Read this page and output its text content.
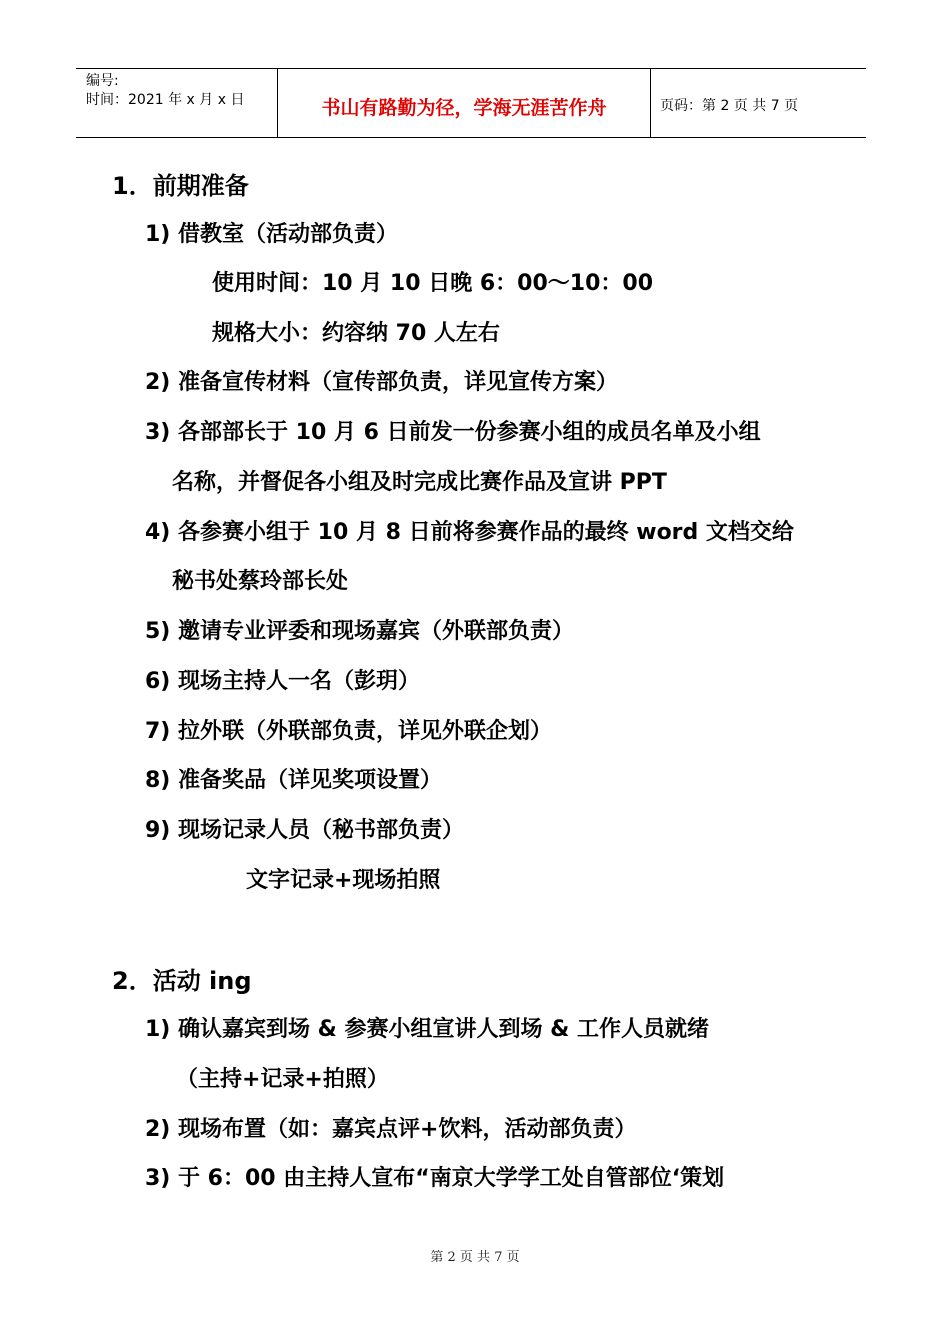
编号:
时间：2021 年 x 月 x 日	书山有路勤为径，学海无涯苦作舟	页码：第 2 页 共 7 页
1．前期准备
1) 借教室（活动部负责）
使用时间：10 月 10 日晚 6：00～10：00
规格大小：约容纳 70 人左右
2) 准备宣传材料（宣传部负责，详见宣传方案）
3) 各部部长于 10 月 6 日前发一份参赛小组的成员名单及小组
名称，并督促各小组及时完成比赛作品及宣讲 PPT
4) 各参赛小组于 10 月 8 日前将参赛作品的最终 word 文档交给
秘书处蔡玲部长处
5) 邀请专业评委和现场嘉宾（外联部负责）
6) 现场主持人一名（彭玥）
7) 拉外联（外联部负责，详见外联企划）
8) 准备奖品（详见奖项设置）
9) 现场记录人员（秘书部负责）
文字记录+现场拍照
2．活动 ing
1) 确认嘉宾到场 & 参赛小组宣讲人到场 & 工作人员就绪
（主持+记录+拍照）
2) 现场布置（如：嘉宾点评+饮料，活动部负责）
3) 于 6：00 由主持人宣布“南京大学学工处自管部位‘策划
第 2 页 共 7 页
